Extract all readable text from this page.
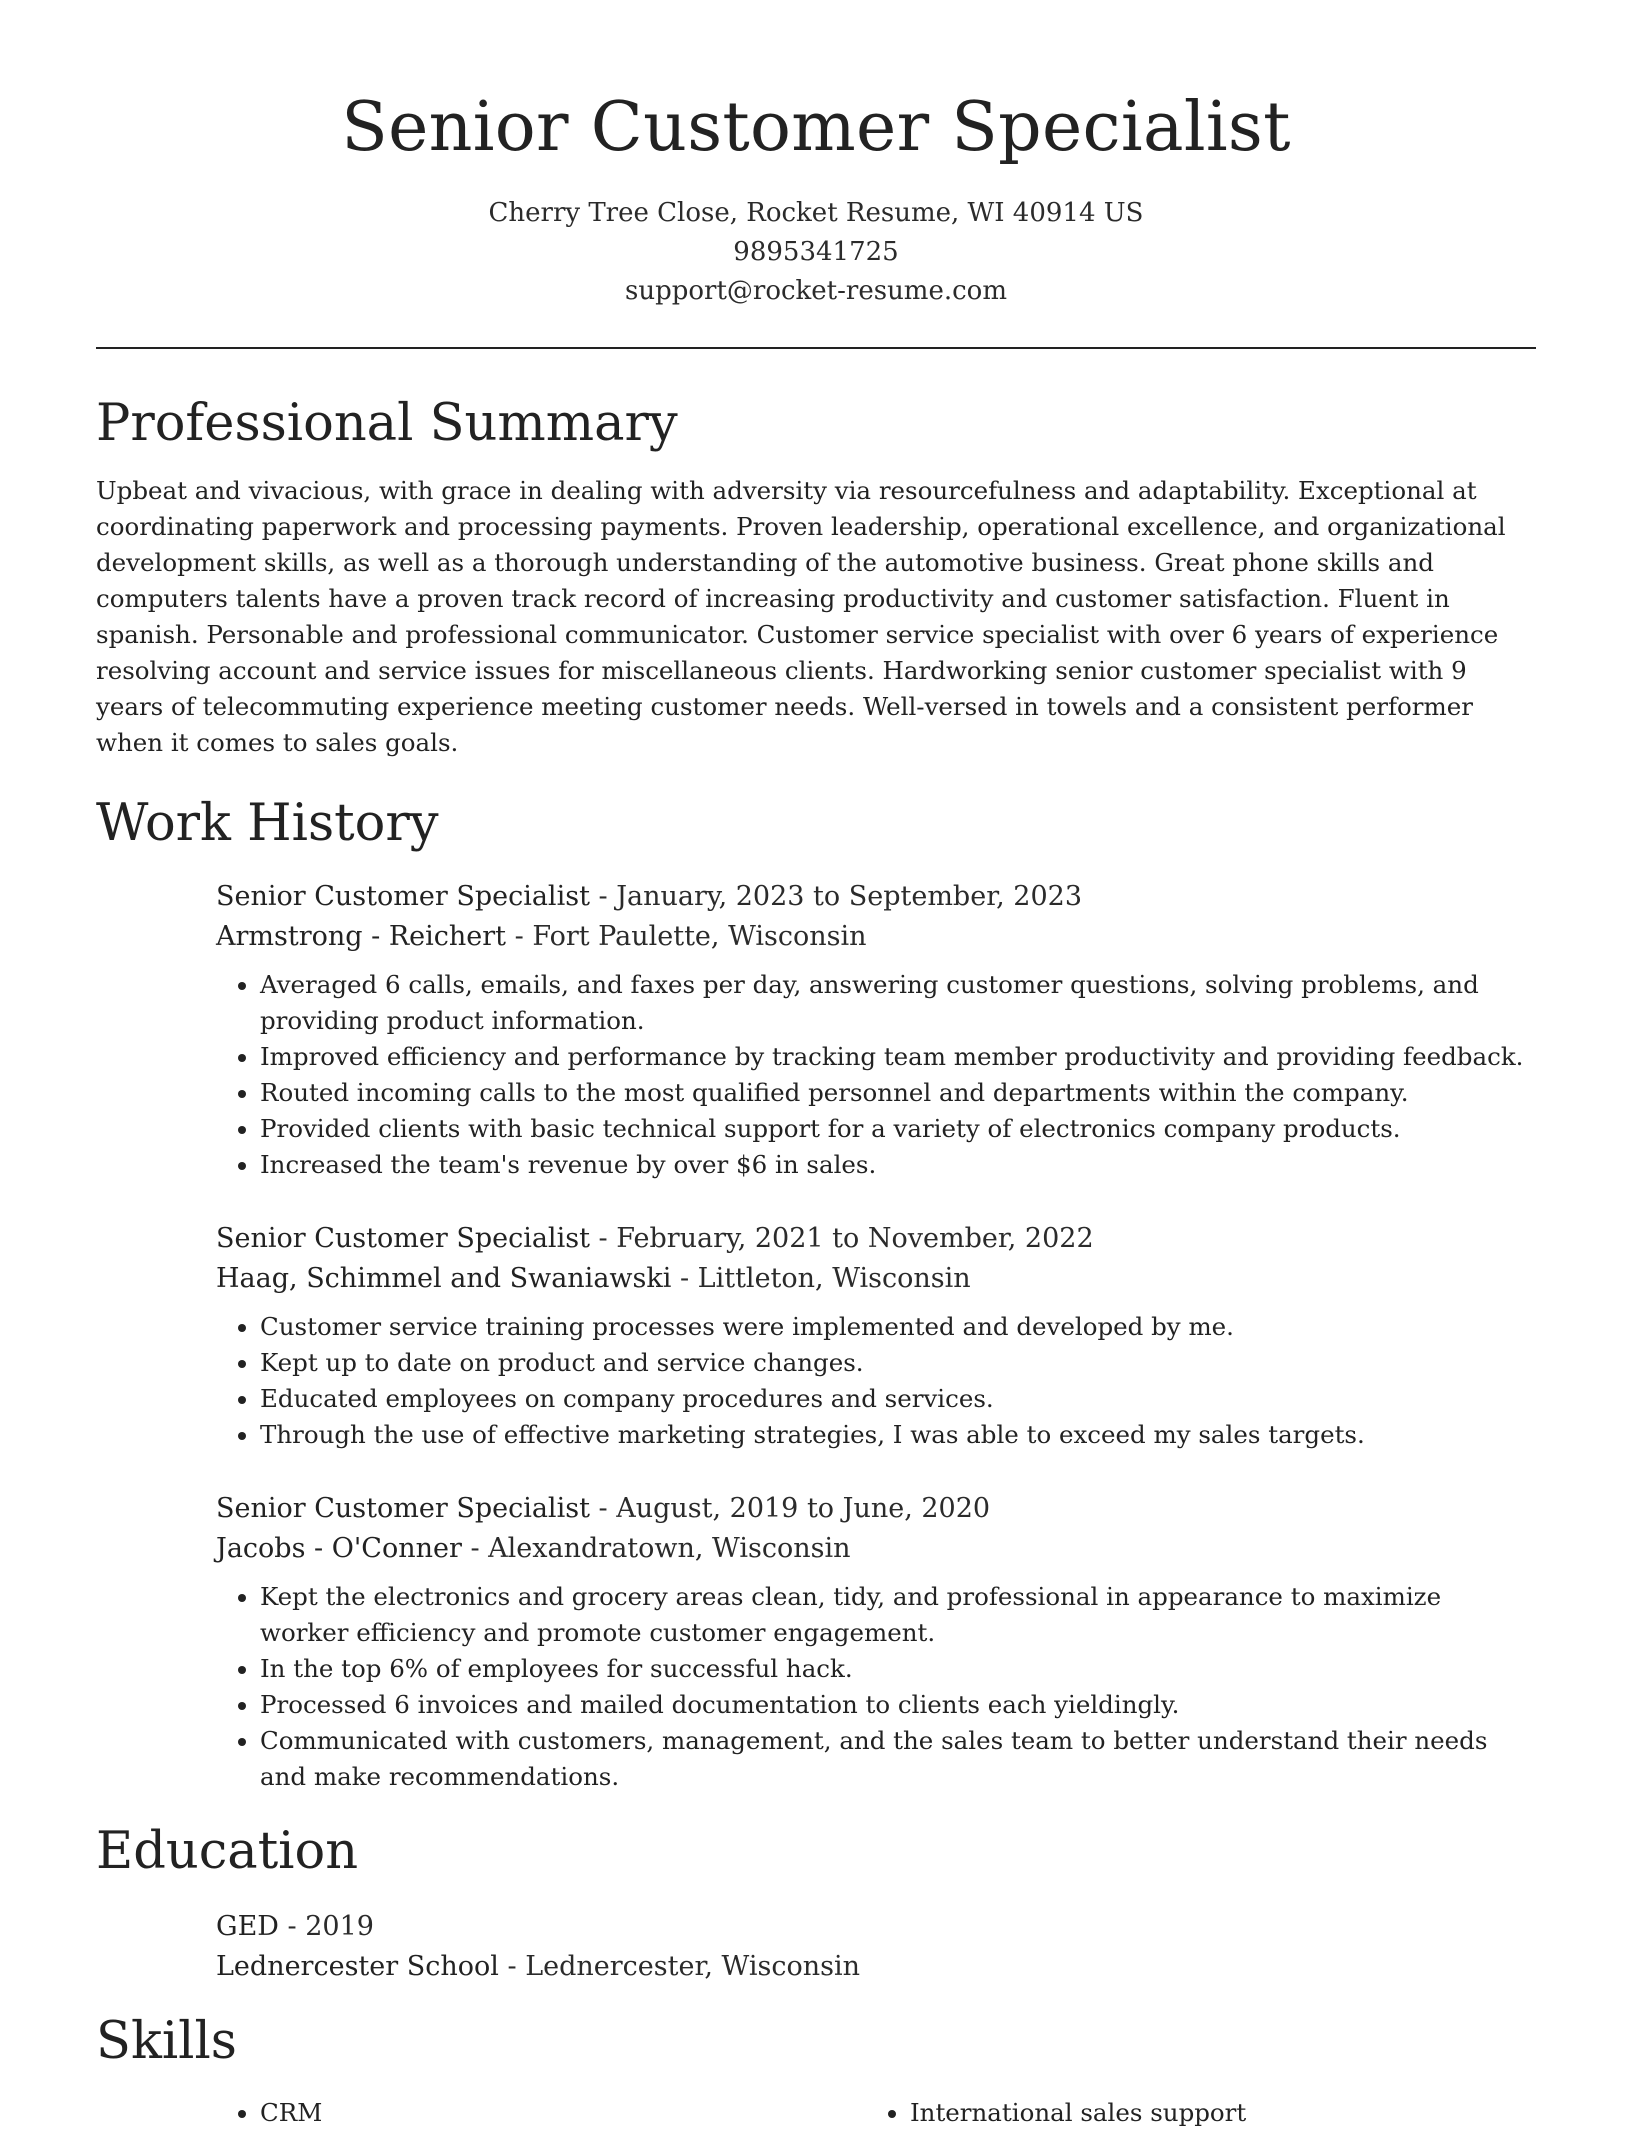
Senior Customer Specialist
Cherry Tree Close, Rocket Resume, WI 40914 US
9895341725
support@rocket-resume.com
Professional Summary

Upbeat and vivacious, with grace in dealing with adversity via resourcefulness and adaptability. Exceptional at coordinating paperwork and processing payments. Proven leadership, operational excellence, and organizational development skills, as well as a thorough understanding of the automotive business. Great phone skills and computers talents have a proven track record of increasing productivity and customer satisfaction. Fluent in spanish. Personable and professional communicator. Customer service specialist with over 6 years of experience resolving account and service issues for miscellaneous clients. Hardworking senior customer specialist with 9 years of telecommuting experience meeting customer needs. Well-versed in towels and a consistent performer when it comes to sales goals.

Work History
Senior Customer Specialist - January, 2023 to September, 2023
Armstrong - Reichert - Fort Paulette, Wisconsin
• Averaged 6 calls, emails, and faxes per day, answering customer questions, solving problems, and providing product information.
• Improved efficiency and performance by tracking team member productivity and providing feedback.
• Routed incoming calls to the most qualified personnel and departments within the company.
• Provided clients with basic technical support for a variety of electronics company products.
• Increased the team's revenue by over $6 in sales.
Senior Customer Specialist - February, 2021 to November, 2022
Haag, Schimmel and Swaniawski - Littleton, Wisconsin
• Customer service training processes were implemented and developed by me.
• Kept up to date on product and service changes.
• Educated employees on company procedures and services.
• Through the use of effective marketing strategies, I was able to exceed my sales targets.
Senior Customer Specialist - August, 2019 to June, 2020
Jacobs - O'Conner - Alexandratown, Wisconsin
• Kept the electronics and grocery areas clean, tidy, and professional in appearance to maximize worker efficiency and promote customer engagement.
• In the top 6% of employees for successful hack.
• Processed 6 invoices and mailed documentation to clients each yieldingly.
• Communicated with customers, management, and the sales team to better understand their needs and make recommendations.
Education
GED - 2019
Lednercester School - Lednercester, Wisconsin
Skills
• CRM
•	International sales support
